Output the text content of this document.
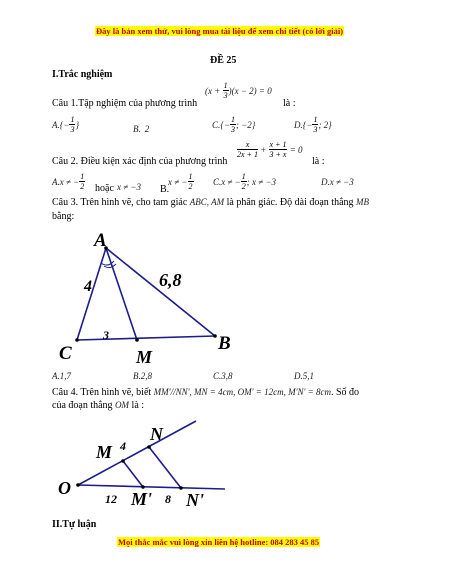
Đây là bản xem thử, vui lòng mua tài liệu để xem chi tiết (có lời giải)
ĐỀ 25
I.Trắc nghiệm
Câu 1.Tập nghiệm của phương trình
$(x + \frac{1}{3} )(x - 2) = 0$
là :
$A.\{- \frac{1}{3}$ }	B. 2	$C.\{- \frac{1}{3}$ ; −2}	$D.\{- \frac{1}{3}$ ; 2}
Câu 2. Điều kiện xác định của phương trình
$\frac{x}{2x + 1} + \frac{x + 1}{3 + x} = 0$
là :
A.x ≠ − $\frac{1}{2}$ hoặc x ≠ −3	x ≠ − $\frac{1}{2}$
B.
C.x ≠ − $\frac{1}{2}$ ; x ≠ −3	D.x ≠ −3
Câu 3. Trên hình vẽ, cho tam giác ABC, AM là phân giác. Độ dài đoạn thẳng MB
bằng:
A
4	6,8
3	B
C	M
A.1,7	B.2,8	C.3,8	D.5,1
Câu 4. Trên hình vẽ, biết MM'//NN', MN = 4cm, OM' = 12cm, M'N' = 8cm. Số đo
của đoạn thẳng OM là :
M 4
N
O
12 M' 8 N'
II.Tự luận
Mọi thắc mắc vui lòng xin liên hệ hotline: 084 283 45 85
